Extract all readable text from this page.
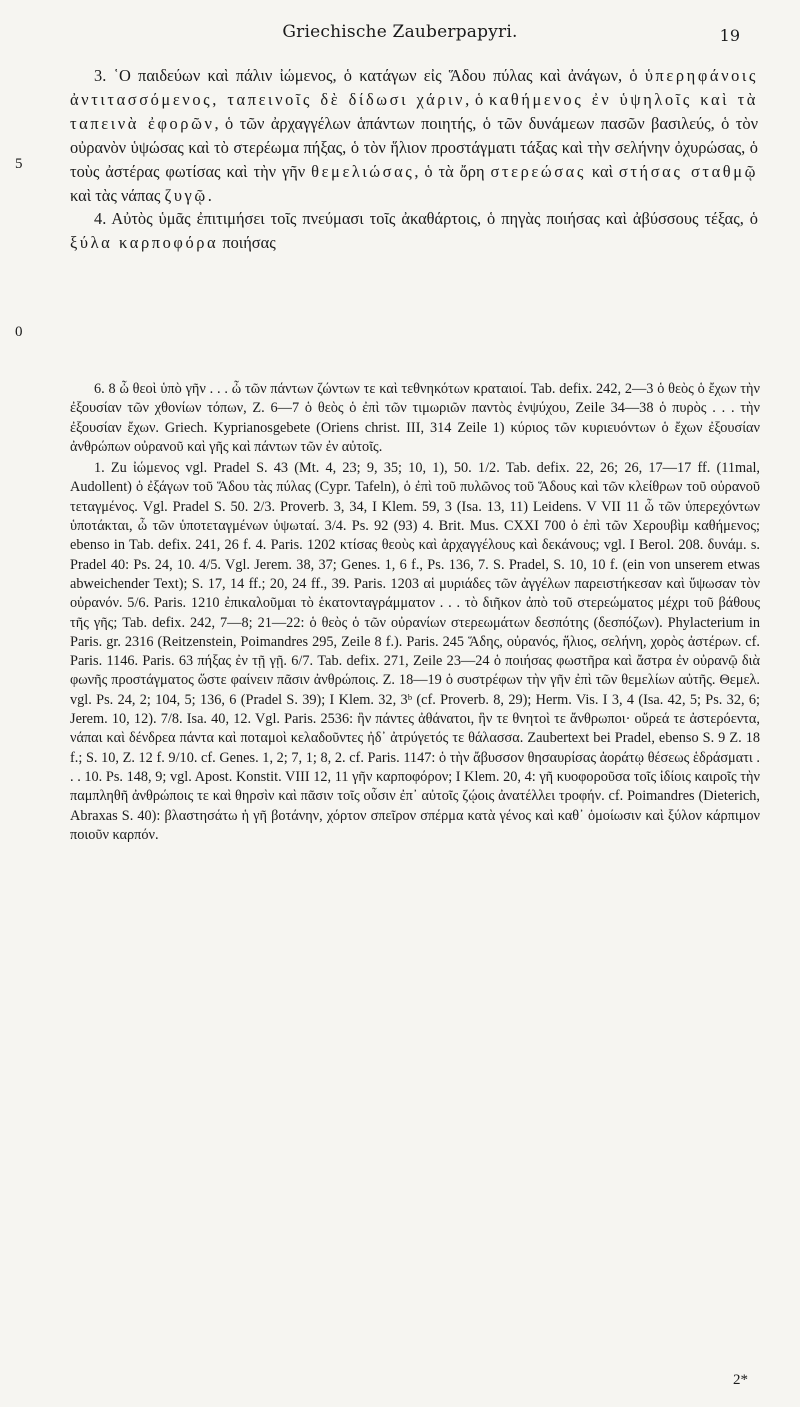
Griechische Zauberpapyri.	19
5
0

3. ῾Ο παιδεύων καὶ πάλιν ἰώμενος, ὁ κατάγων εἰς Ἅδου πύλας καὶ ἀνάγων, ὁ ὑπερηφάνοις ἀντιτασσόμενος, ταπεινοῖς δὲ δίδωσι χάριν, ὁ καθήμενος ἐν ὑψηλοῖς καὶ τὰ ταπεινὰ ἐφορῶν, ὁ τῶν ἀρχαγγέλων ἁπάντων ποιητής, ὁ τῶν δυνάμεων πασῶν βασιλεύς, ὁ τὸν οὐρανὸν ὑψώσας καὶ τὸ στερέωμα πήξας, ὁ τὸν ἥλιον προστάγματι τάξας καὶ τὴν σελήνην ὀχυρώσας, ὁ τοὺς ἀστέρας φωτίσας καὶ τὴν γῆν θεμελιώσας, ὁ τὰ ὄρη στερεώσας καὶ στήσας σταθμῷ καὶ τὰς νάπας ζυγῷ.

4. Αὐτὸς ὑμᾶς ἐπιτιμήσει τοῖς πνεύμασι τοῖς ἀκαθάρτοις, ὁ πηγὰς ποιήσας καὶ ἀβύσσους τέξας, ὁ ξύλα καρποφόρα ποιήσας

6. 8 ὦ θεοὶ ὑπὸ γῆν . . . ὦ τῶν πάντων ζώντων τε καὶ τεθνηκότων κραταιοί. Tab. defix. 242, 2—3 ὁ θεὸς ὁ ἔχων τὴν ἐξουσίαν τῶν χθονίων τόπων, Z. 6—7 ὁ θεὸς ὁ ἐπὶ τῶν τιμωριῶν παντὸς ἐνψύχου, Zeile 34—38 ὁ πυρὸς . . . τὴν ἐξουσίαν ἔχων. Griech. Kyprianosgebete (Oriens christ. III, 314 Zeile 1) κύριος τῶν κυριευόντων ὁ ἔχων ἐξουσίαν ἀνθρώπων οὐρανοῦ καὶ γῆς καὶ πάντων τῶν ἐν αὐτοῖς.

1. Zu ἰώμενος vgl. Pradel S. 43 (Mt. 4, 23; 9, 35; 10, 1), 50. 1/2. Tab. defix. 22, 26; 26, 17—17 ff. (11mal, Audollent) ὁ ἐξάγων τοῦ Ἅδου τὰς πύλας (Cypr. Tafeln), ὁ ἐπὶ τοῦ πυλῶνος τοῦ Ἅδους καὶ τῶν κλείθρων τοῦ οὐρανοῦ τεταγμένος. Vgl. Pradel S. 50. 2/3. Proverb. 3, 34, I Klem. 59, 3 (Isa. 13, 11) Leidens. V VII 11 ὦ τῶν ὑπερεχόντων ὑποτάκται, ὦ τῶν ὑποτεταγμένων ὑψωταί. 3/4. Ps. 92 (93) 4. Brit. Mus. CXXI 700 ὁ ἐπὶ τῶν Χερουβὶμ καθήμενος; ebenso in Tab. defix. 241, 26 f. 4. Paris. 1202 κτίσας θεοὺς καὶ ἀρχαγγέλους καὶ δεκάνους; vgl. I Berol. 208. δυνάμ. s. Pradel 40: Ps. 24, 10. 4/5. Vgl. Jerem. 38, 37; Genes. 1, 6 f., Ps. 136, 7. S. Pradel, S. 10, 10 f. (ein von unserem etwas abweichender Text); S. 17, 14 ff.; 20, 24 ff., 39. Paris. 1203 αἱ μυριάδες τῶν ἀγγέλων παρειστήκεσαν καὶ ὕψωσαν τὸν οὐρανόν. 5/6. Paris. 1210 ἐπικαλοῦμαι τὸ ἑκατονταγράμματον . . . τὸ διῆκον ἀπὸ τοῦ στερεώματος μέχρι τοῦ βάθους τῆς γῆς; Tab. defix. 242, 7—8; 21—22: ὁ θεὸς ὁ τῶν οὐρανίων στερεωμάτων δεσπότης (δεσπόζων). Phylacterium in Paris. gr. 2316 (Reitzenstein, Poimandres 295, Zeile 8 f.). Paris. 245 Ἅδης, οὐρανός, ἥλιος, σελήνη, χορὸς ἀστέρων. cf. Paris. 1146. Paris. 63 πήξας ἐν τῇ γῇ. 6/7. Tab. defix. 271, Zeile 23—24 ὁ ποιήσας φωστῆρα καὶ ἄστρα ἐν οὐρανῷ διὰ φωνῆς προστάγματος ὥστε φαίνειν πᾶσιν ἀνθρώποις. Z. 18—19 ὁ συστρέφων τὴν γῆν ἐπὶ τῶν θεμελίων αὐτῆς. Θεμελ. vgl. Ps. 24, 2; 104, 5; 136, 6 (Pradel S. 39); I Klem. 32, 3ᵇ (cf. Proverb. 8, 29); Herm. Vis. I 3, 4 (Isa. 42, 5; Ps. 32, 6; Jerem. 10, 12). 7/8. Isa. 40, 12. Vgl. Paris. 2536: ἣν πάντες ἀθάνατοι, ἣν τε θνητοὶ τε ἄνθρωποι· οὔρεά τε ἀστερόεντα, νάπαι καὶ δένδρεα πάντα καὶ ποταμοὶ κελαδοῦντες ἠδ᾿ ἀτρύγετός τε θάλασσα. Zaubertext bei Pradel, ebenso S. 9 Z. 18 f.; S. 10, Z. 12 f. 9/10. cf. Genes. 1, 2; 7, 1; 8, 2. cf. Paris. 1147: ὁ τὴν ἄβυσσον θησαυρίσας ἀοράτῳ θέσεως ἑδράσματι . . . 10. Ps. 148, 9; vgl. Apost. Konstit. VIII 12, 11 γῆν καρποφόρον; I Klem. 20, 4: γῆ κυοφοροῦσα τοῖς ἰδίοις καιροῖς τὴν παμπληθῆ ἀνθρώποις τε καὶ θηρσὶν καὶ πᾶσιν τοῖς οὖσιν ἐπ᾿ αὐτοῖς ζῴοις ἀνατέλλει τροφήν. cf. Poimandres (Dieterich, Abraxas S. 40): βλαστησάτω ἡ γῆ βοτάνην, χόρτον σπεῖρον σπέρμα κατὰ γένος καὶ καθ᾿ ὁμοίωσιν καὶ ξύλον κάρπιμον ποιοῦν καρπόν.

2*
